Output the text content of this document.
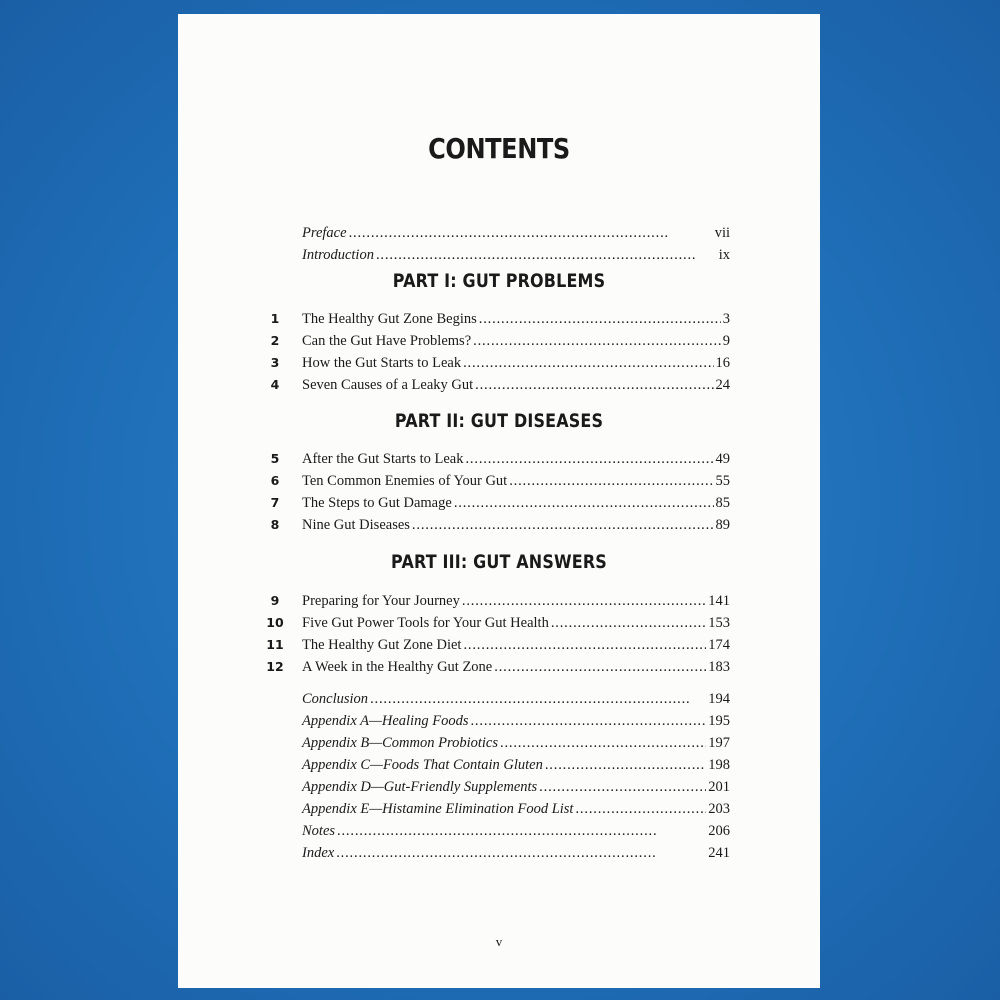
CONTENTS
Preface . . .	vii
Introduction . . .	ix
PART I: GUT PROBLEMS
1	The Healthy Gut Zone Begins . . .	3
2	Can the Gut Have Problems? . . .	9
3	How the Gut Starts to Leak . . .	16
4	Seven Causes of a Leaky Gut . . .	24
PART II: GUT DISEASES
5	After the Gut Starts to Leak . . .	49
6	Ten Common Enemies of Your Gut . . .	55
7	The Steps to Gut Damage . . .	85
8	Nine Gut Diseases . . .	89
PART III: GUT ANSWERS
9	Preparing for Your Journey . . .	141
10 Five Gut Power Tools for Your Gut Health . . .	153
11 The Healthy Gut Zone Diet . . .	174
12 A Week in the Healthy Gut Zone . . .	183
Conclusion . . .	194
Appendix A—Healing Foods . . .	195
Appendix B—Common Probiotics . . .	197
Appendix C—Foods That Contain Gluten . . .	198
Appendix D—Gut-Friendly Supplements . . .	201
Appendix E—Histamine Elimination Food List . . .	203
Notes . . .	206
Index . . .	241
v
